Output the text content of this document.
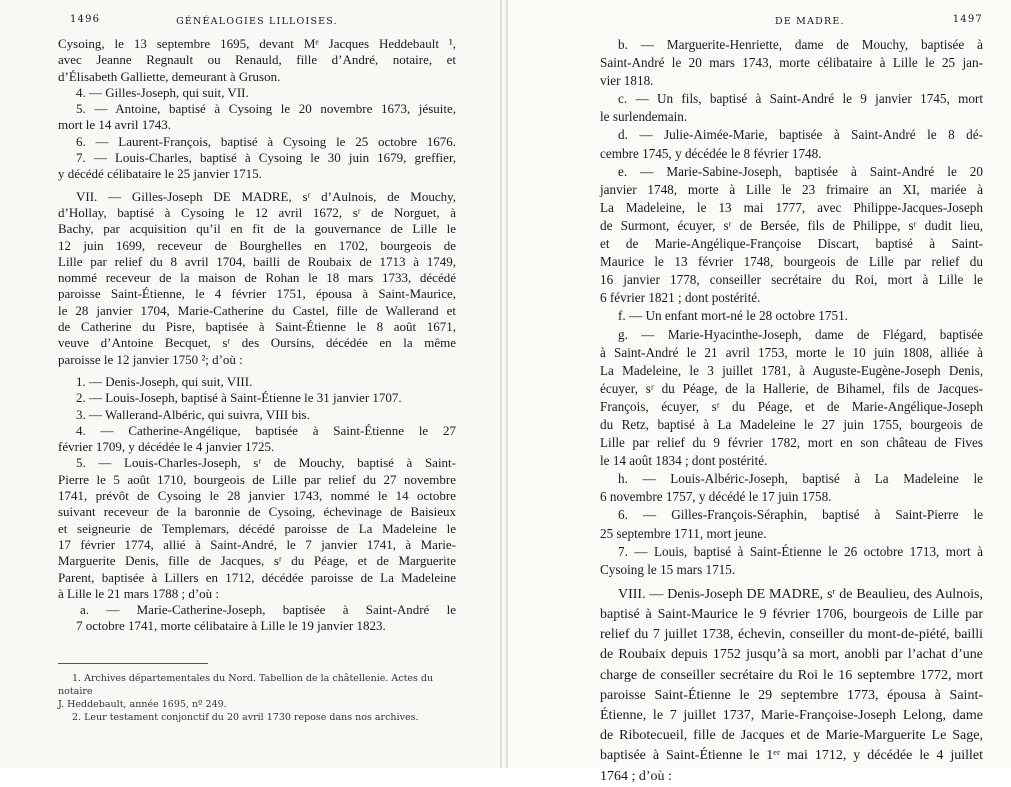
1496	GÉNÉALOGIES LILLOISES.

Cysoing, le 13 septembre 1695, devant Mᵉ Jacques Heddebault ¹,

avec Jeanne Regnault ou Renauld, fille d’André, notaire, et

d’Élisabeth Galliette, demeurant à Gruson.

4. — Gilles-Joseph, qui suit, VII.

5. — Antoine, baptisé à Cysoing le 20 novembre 1673, jésuite,

mort le 14 avril 1743.

6. — Laurent-François, baptisé à Cysoing le 25 octobre 1676.

7. — Louis-Charles, baptisé à Cysoing le 30 juin 1679, greffier,

y décédé célibataire le 25 janvier 1715.

VII. — Gilles-Joseph DE MADRE, sʳ d’Aulnois, de Mouchy,

d’Hollay, baptisé à Cysoing le 12 avril 1672, sʳ de Norguet, à

Bachy, par acquisition qu’il en fit de la gouvernance de Lille le

12 juin 1699, receveur de Bourghelles en 1702, bourgeois de

Lille par relief du 8 avril 1704, bailli de Roubaix de 1713 à 1749,

nommé receveur de la maison de Rohan le 18 mars 1733, décédé

paroisse Saint-Étienne, le 4 février 1751, épousa à Saint-Maurice,

le 28 janvier 1704, Marie-Catherine du Castel, fille de Wallerand et

de Catherine du Pisre, baptisée à Saint-Étienne le 8 août 1671,

veuve d’Antoine Becquet, sʳ des Oursins, décédée en la même

paroisse le 12 janvier 1750 ²; d’où :

1. — Denis-Joseph, qui suit, VIII.

2. — Louis-Joseph, baptisé à Saint-Étienne le 31 janvier 1707.

3. — Wallerand-Albéric, qui suivra, VIII bis.

4. — Catherine-Angélique, baptisée à Saint-Étienne le 27

février 1709, y décédée le 4 janvier 1725.

5. — Louis-Charles-Joseph, sʳ de Mouchy, baptisé à Saint-

Pierre le 5 août 1710, bourgeois de Lille par relief du 27 novembre

1741, prévôt de Cysoing le 28 janvier 1743, nommé le 14 octobre

suivant receveur de la baronnie de Cysoing, échevinage de Baisieux

et seigneurie de Templemars, décédé paroisse de La Madeleine le

17 février 1774, allié à Saint-André, le 7 janvier 1741, à Marie-

Marguerite Denis, fille de Jacques, sʳ du Péage, et de Marguerite

Parent, baptisée à Lillers en 1712, décédée paroisse de La Madeleine

à Lille le 21 mars 1788 ; d’où :

a. — Marie-Catherine-Joseph, baptisée à Saint-André le

7 octobre 1741, morte célibataire à Lille le 19 janvier 1823.

1. Archives départementales du Nord. Tabellion de la châtellenie. Actes du notaire

J. Heddebault, année 1695, nº 249.

2. Leur testament conjonctif du 20 avril 1730 repose dans nos archives.

DE MADRE.	1497

b. — Marguerite-Henriette, dame de Mouchy, baptisée à

Saint-André le 20 mars 1743, morte célibataire à Lille le 25 jan-

vier 1818.

c. — Un fils, baptisé à Saint-André le 9 janvier 1745, mort

le surlendemain.

d. — Julie-Aimée-Marie, baptisée à Saint-André le 8 dé-

cembre 1745, y décédée le 8 février 1748.

e. — Marie-Sabine-Joseph, baptisée à Saint-André le 20

janvier 1748, morte à Lille le 23 frimaire an XI, mariée à

La Madeleine, le 13 mai 1777, avec Philippe-Jacques-Joseph

de Surmont, écuyer, sʳ de Bersée, fils de Philippe, sʳ dudit lieu,

et de Marie-Angélique-Françoise Discart, baptisé à Saint-

Maurice le 13 février 1748, bourgeois de Lille par relief du

16 janvier 1778, conseiller secrétaire du Roi, mort à Lille le

6 février 1821 ; dont postérité.

f. — Un enfant mort-né le 28 octobre 1751.

g. — Marie-Hyacinthe-Joseph, dame de Flégard, baptisée

à Saint-André le 21 avril 1753, morte le 10 juin 1808, alliée à

La Madeleine, le 3 juillet 1781, à Auguste-Eugène-Joseph Denis,

écuyer, sʳ du Péage, de la Hallerie, de Bihamel, fils de Jacques-

François, écuyer, sʳ du Péage, et de Marie-Angélique-Joseph

du Retz, baptisé à La Madeleine le 27 juin 1755, bourgeois de

Lille par relief du 9 février 1782, mort en son château de Fives

le 14 août 1834 ; dont postérité.

h. — Louis-Albéric-Joseph, baptisé à La Madeleine le

6 novembre 1757, y décédé le 17 juin 1758.

6. — Gilles-François-Séraphin, baptisé à Saint-Pierre le

25 septembre 1711, mort jeune.

7. — Louis, baptisé à Saint-Étienne le 26 octobre 1713, mort à

Cysoing le 15 mars 1715.

VIII. — Denis-Joseph DE MADRE, sʳ de Beaulieu, des Aulnois,

baptisé à Saint-Maurice le 9 février 1706, bourgeois de Lille par

relief du 7 juillet 1738, échevin, conseiller du mont-de-piété, bailli

de Roubaix depuis 1752 jusqu’à sa mort, anobli par l’achat d’une

charge de conseiller secrétaire du Roi le 16 septembre 1772, mort

paroisse Saint-Étienne le 29 septembre 1773, épousa à Saint-

Étienne, le 7 juillet 1737, Marie-Françoise-Joseph Lelong, dame

de Ribotecueil, fille de Jacques et de Marie-Marguerite Le Sage,

baptisée à Saint-Étienne le 1ᵉʳ mai 1712, y décédée le 4 juillet

1764 ; d’où :
